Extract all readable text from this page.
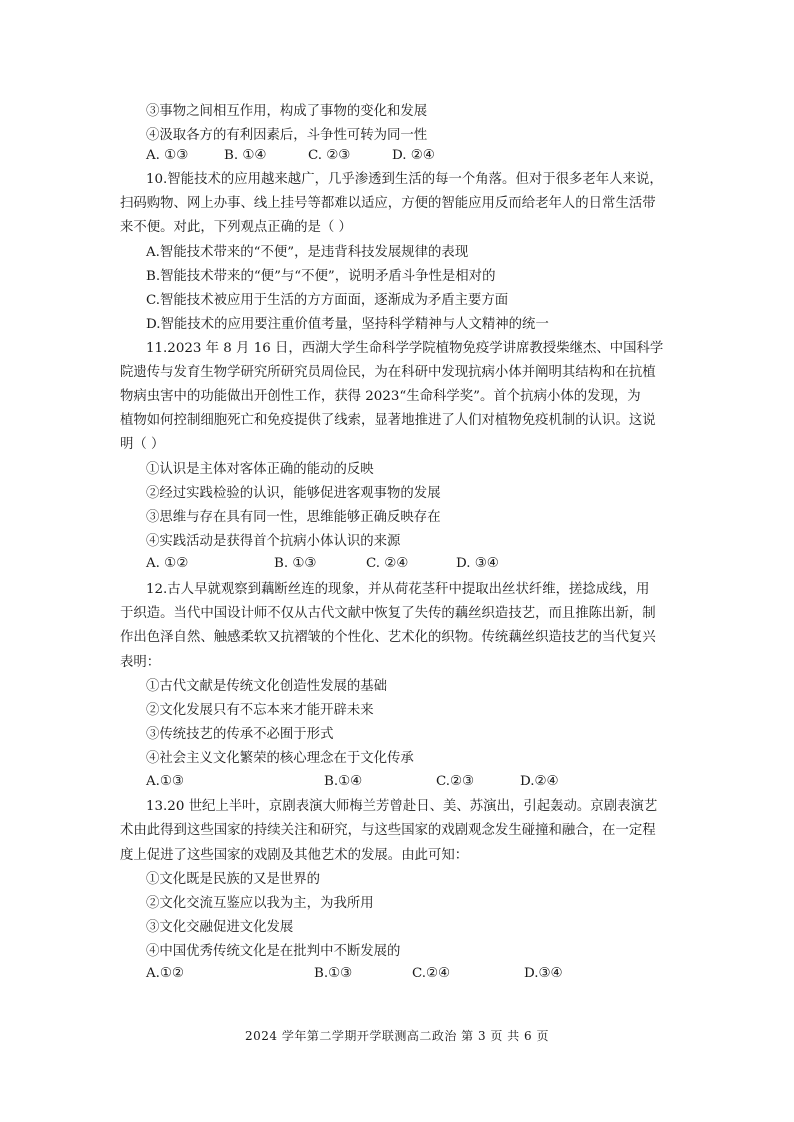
③事物之间相互作用，构成了事物的变化和发展
④汲取各方的有利因素后，斗争性可转为同一性
A. ①③	B. ①④	C. ②③	D. ②④
10.智能技术的应用越来越广，几乎渗透到生活的每一个角落。但对于很多老年人来说，
扫码购物、网上办事、线上挂号等都难以适应，方便的智能应用反而给老年人的日常生活带
来不便。对此，下列观点正确的是（ ）
A.智能技术带来的“不便”，是违背科技发展规律的表现
B.智能技术带来的“便”与“不便”，说明矛盾斗争性是相对的
C.智能技术被应用于生活的方方面面，逐渐成为矛盾主要方面
D.智能技术的应用要注重价值考量，坚持科学精神与人文精神的统一
11.2023 年 8 月 16 日，西湖大学生命科学学院植物免疫学讲席教授柴继杰、中国科学
院遗传与发育生物学研究所研究员周俭民，为在科研中发现抗病小体并阐明其结构和在抗植
物病虫害中的功能做出开创性工作，获得 2023“生命科学奖”。首个抗病小体的发现，为
植物如何控制细胞死亡和免疫提供了线索，显著地推进了人们对植物免疫机制的认识。这说
明（ ）
①认识是主体对客体正确的能动的反映
②经过实践检验的认识，能够促进客观事物的发展
③思维与存在具有同一性，思维能够正确反映存在
④实践活动是获得首个抗病小体认识的来源
A. ①②	B. ①③	C. ②④	D. ③④
12.古人早就观察到藕断丝连的现象，并从荷花茎秆中提取出丝状纤维，搓捻成线，用
于织造。当代中国设计师不仅从古代文献中恢复了失传的藕丝织造技艺，而且推陈出新，制
作出色泽自然、触感柔软又抗褶皱的个性化、艺术化的织物。传统藕丝织造技艺的当代复兴
表明：
①古代文献是传统文化创造性发展的基础
②文化发展只有不忘本来才能开辟未来
③传统技艺的传承不必囿于形式
④社会主义文化繁荣的核心理念在于文化传承
A.①③	B.①④	C.②③	D.②④
13.20 世纪上半叶，京剧表演大师梅兰芳曾赴日、美、苏演出，引起轰动。京剧表演艺
术由此得到这些国家的持续关注和研究，与这些国家的戏剧观念发生碰撞和融合，在一定程
度上促进了这些国家的戏剧及其他艺术的发展。由此可知：
①文化既是民族的又是世界的
②文化交流互鉴应以我为主，为我所用
③文化交融促进文化发展
④中国优秀传统文化是在批判中不断发展的
A.①②	B.①③	C.②④	D.③④
2024 学年第二学期开学联测高二政治 第 3 页 共 6 页
